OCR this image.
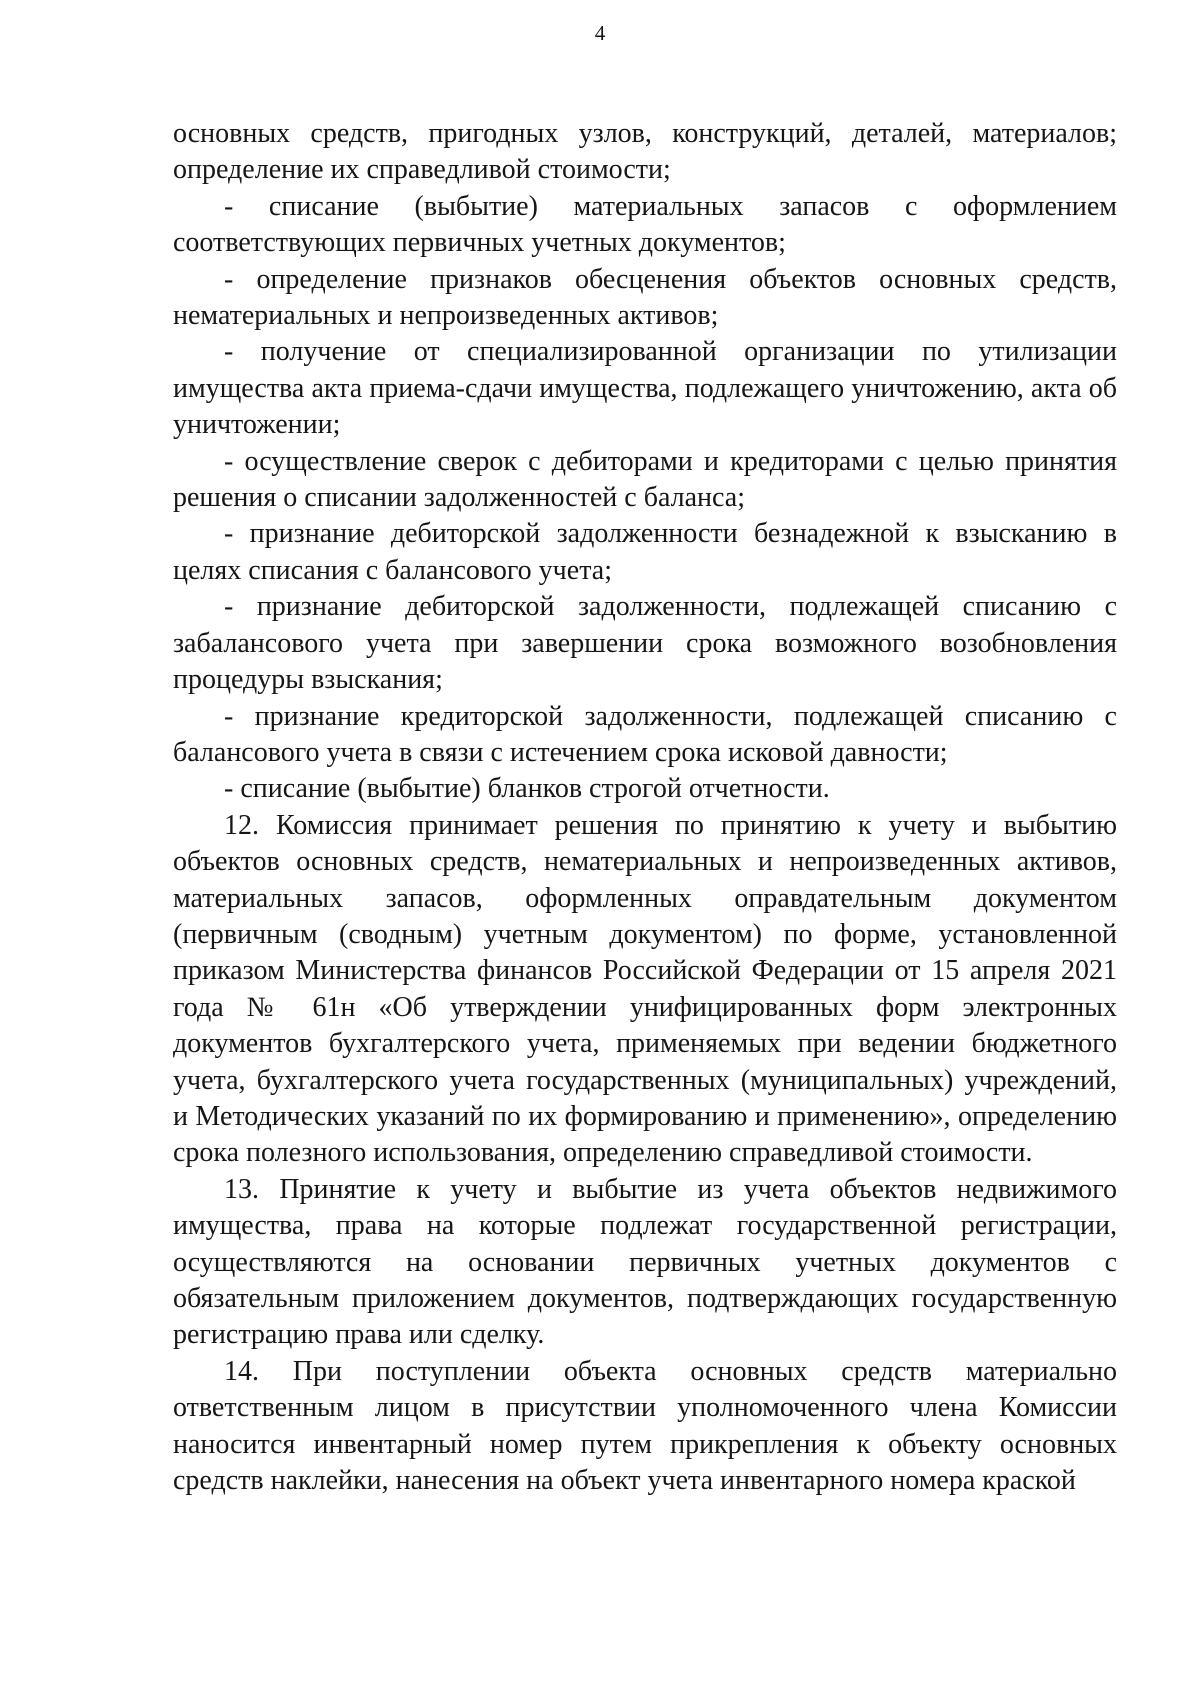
4

основных средств, пригодных узлов, конструкций, деталей, материалов; определение их справедливой стоимости;

- списание (выбытие) материальных запасов с оформлением соответствующих первичных учетных документов;

- определение признаков обесценения объектов основных средств, нематериальных и непроизведенных активов;

- получение от специализированной организации по утилизации имущества акта приема-сдачи имущества, подлежащего уничтожению, акта об уничтожении;

- осуществление сверок с дебиторами и кредиторами с целью принятия решения о списании задолженностей с баланса;

- признание дебиторской задолженности безнадежной к взысканию в целях списания с балансового учета;

- признание дебиторской задолженности, подлежащей списанию с забалансового учета при завершении срока возможного возобновления процедуры взыскания;

- признание кредиторской задолженности, подлежащей списанию с балансового учета в связи с истечением срока исковой давности;

- списание (выбытие) бланков строгой отчетности.

12. Комиссия принимает решения по принятию к учету и выбытию объектов основных средств, нематериальных и непроизведенных активов, материальных запасов, оформленных оправдательным документом (первичным (сводным) учетным документом) по форме, установленной приказом Министерства финансов Российской Федерации от 15 апреля 2021 года № 61н «Об утверждении унифицированных форм электронных документов бухгалтерского учета, применяемых при ведении бюджетного учета, бухгалтерского учета государственных (муниципальных) учреждений, и Методических указаний по их формированию и применению», определению срока полезного использования, определению справедливой стоимости.

13. Принятие к учету и выбытие из учета объектов недвижимого имущества, права на которые подлежат государственной регистрации, осуществляются на основании первичных учетных документов с обязательным приложением документов, подтверждающих государственную регистрацию права или сделку.

14. При поступлении объекта основных средств материально ответственным лицом в присутствии уполномоченного члена Комиссии наносится инвентарный номер путем прикрепления к объекту основных средств наклейки, нанесения на объект учета инвентарного номера краской
